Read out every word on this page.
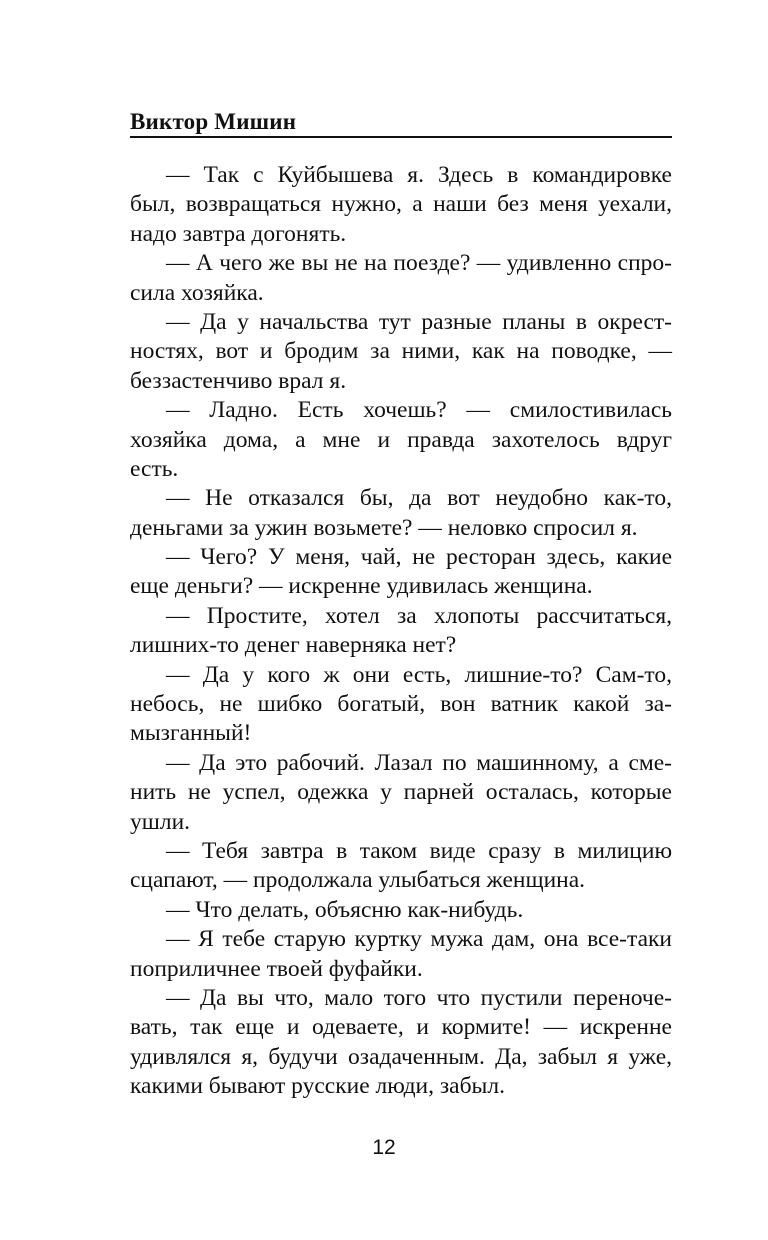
Виктор Мишин
— Так с Куйбышева я. Здесь в командировке
был, возвращаться нужно, а наши без меня уехали,
надо завтра догонять.
— А чего же вы не на поезде? — удивленно спро-
сила хозяйка.
— Да у начальства тут разные планы в окрест-
ностях, вот и бродим за ними, как на поводке, —
беззастенчиво врал я.
— Ладно. Есть хочешь? — смилостивилась
хозяйка дома, а мне и правда захотелось вдруг
есть.
— Не отказался бы, да вот неудобно как-то,
деньгами за ужин возьмете? — неловко спросил я.
— Чего? У меня, чай, не ресторан здесь, какие
еще деньги? — искренне удивилась женщина.
— Простите, хотел за хлопоты рассчитаться,
лишних-то денег наверняка нет?
— Да у кого ж они есть, лишние-то? Сам-то,
небось, не шибко богатый, вон ватник какой за-
мызганный!
— Да это рабочий. Лазал по машинному, а сме-
нить не успел, одежка у парней осталась, которые
ушли.
— Тебя завтра в таком виде сразу в милицию
сцапают, — продолжала улыбаться женщина.
— Что делать, объясню как-нибудь.
— Я тебе старую куртку мужа дам, она все-таки
поприличнее твоей фуфайки.
— Да вы что, мало того что пустили переноче-
вать, так еще и одеваете, и кормите! — искренне
удивлялся я, будучи озадаченным. Да, забыл я уже,
какими бывают русские люди, забыл.
12
